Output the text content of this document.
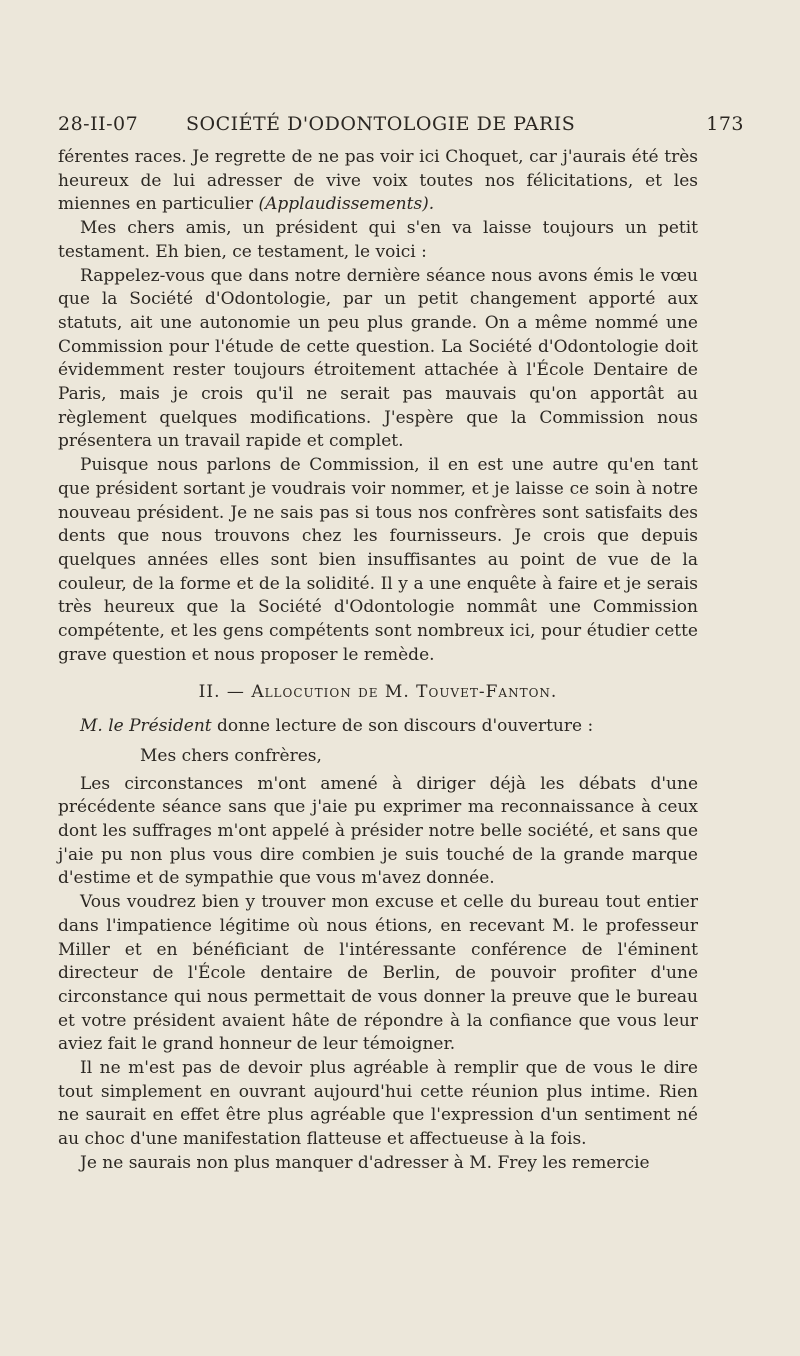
28-II-07	SOCIÉTÉ D'ODONTOLOGIE DE PARIS	173

férentes races. Je regrette de ne pas voir ici Choquet, car j'aurais été très heureux de lui adresser de vive voix toutes nos félicitations, et les miennes en particulier (Applaudissements).

Mes chers amis, un président qui s'en va laisse toujours un petit testament. Eh bien, ce testament, le voici :

Rappelez-vous que dans notre dernière séance nous avons émis le vœu que la Société d'Odontologie, par un petit changement apporté aux statuts, ait une autonomie un peu plus grande. On a même nommé une Commission pour l'étude de cette question. La Société d'Odontologie doit évidemment rester toujours étroitement attachée à l'École Dentaire de Paris, mais je crois qu'il ne serait pas mauvais qu'on apportât au règlement quelques modifications. J'espère que la Commission nous présentera un travail rapide et complet.

Puisque nous parlons de Commission, il en est une autre qu'en tant que président sortant je voudrais voir nommer, et je laisse ce soin à notre nouveau président. Je ne sais pas si tous nos confrères sont satisfaits des dents que nous trouvons chez les fournisseurs. Je crois que depuis quelques années elles sont bien insuffisantes au point de vue de la couleur, de la forme et de la solidité. Il y a une enquête à faire et je serais très heureux que la Société d'Odontologie nommât une Commission compétente, et les gens compétents sont nombreux ici, pour étudier cette grave question et nous proposer le remède.

II. — Allocution de M. Touvet-Fanton.

M. le Président donne lecture de son discours d'ouverture :

Mes chers confrères,

Les circonstances m'ont amené à diriger déjà les débats d'une précédente séance sans que j'aie pu exprimer ma reconnaissance à ceux dont les suffrages m'ont appelé à présider notre belle société, et sans que j'aie pu non plus vous dire combien je suis touché de la grande marque d'estime et de sympathie que vous m'avez donnée.

Vous voudrez bien y trouver mon excuse et celle du bureau tout entier dans l'impatience légitime où nous étions, en recevant M. le professeur Miller et en bénéficiant de l'intéressante conférence de l'éminent directeur de l'École dentaire de Berlin, de pouvoir profiter d'une circonstance qui nous permettait de vous donner la preuve que le bureau et votre président avaient hâte de répondre à la confiance que vous leur aviez fait le grand honneur de leur témoigner.

Il ne m'est pas de devoir plus agréable à remplir que de vous le dire tout simplement en ouvrant aujourd'hui cette réunion plus intime. Rien ne saurait en effet être plus agréable que l'expression d'un sentiment né au choc d'une manifestation flatteuse et affectueuse à la fois.

Je ne saurais non plus manquer d'adresser à M. Frey les remercie
